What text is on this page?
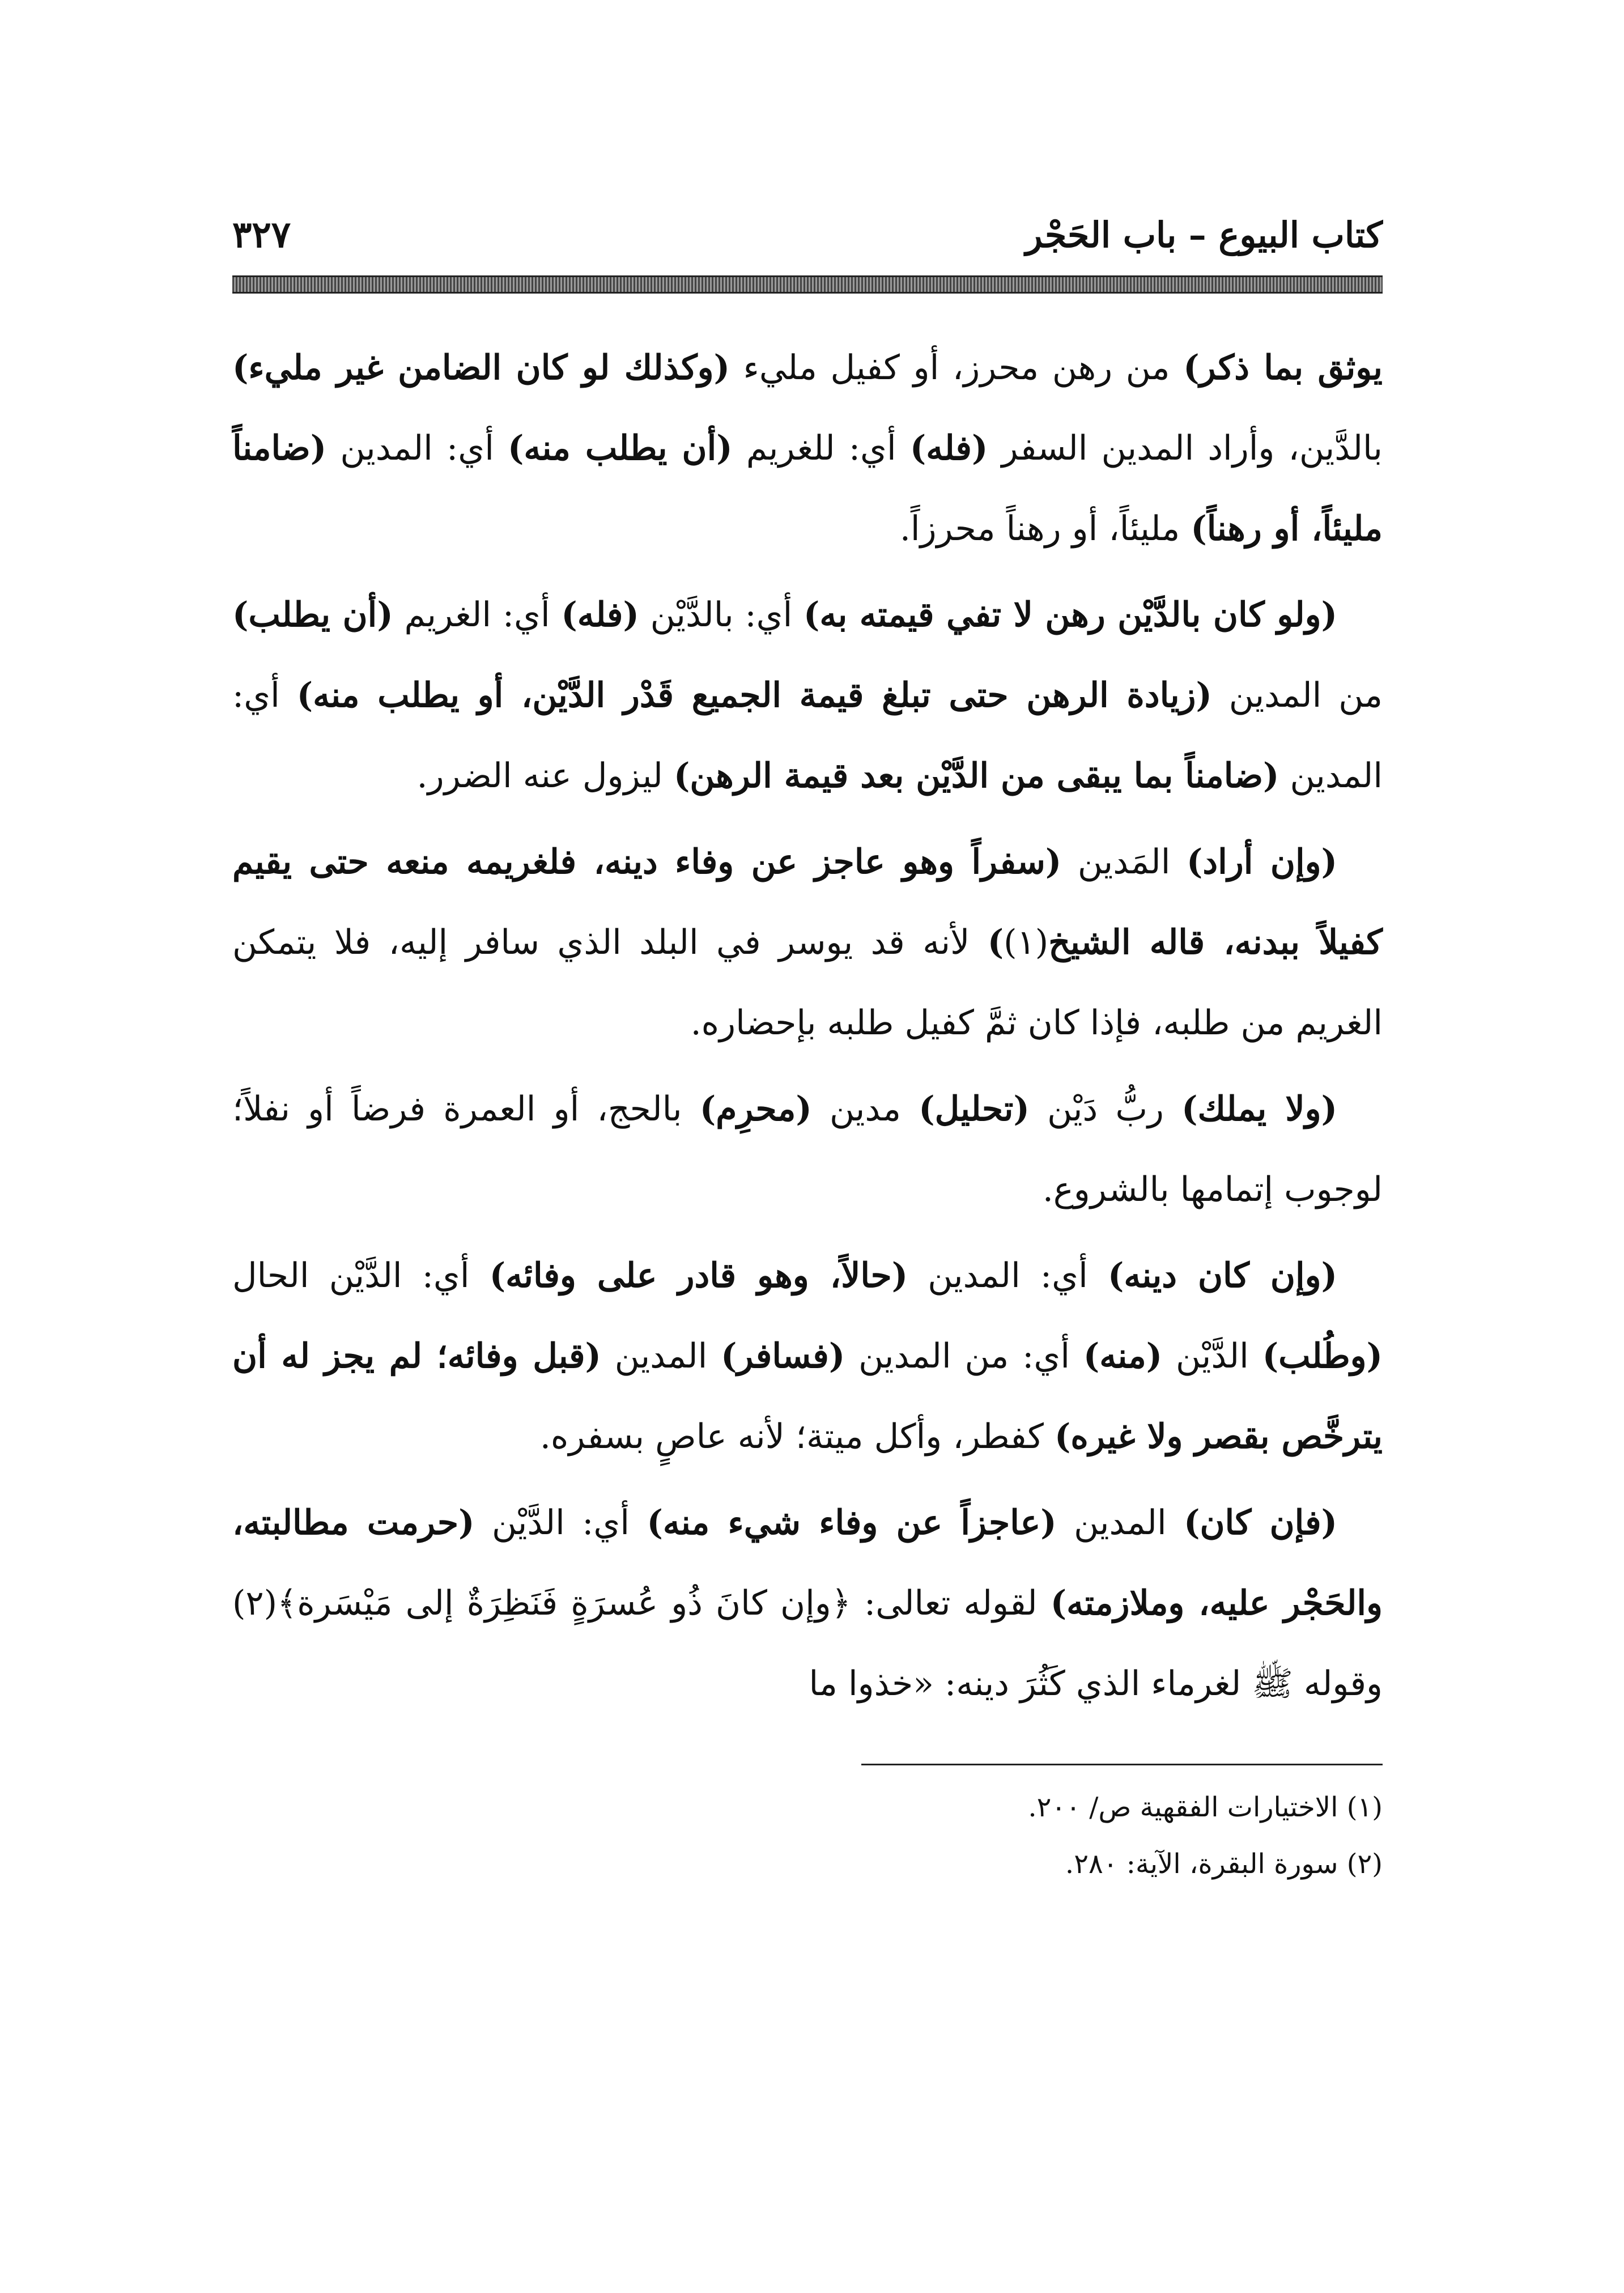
كتاب البيوع – باب الحَجْر
٣٢٧

يوثق بما ذكر) من رهن محرز، أو كفيل مليء (وكذلك لو كان الضامن غير مليء) بالدَّين، وأراد المدين السفر (فله) أي: للغريم (أن يطلب منه) أي: المدين (ضامناً مليئاً، أو رهناً) مليئاً، أو رهناً محرزاً.

(ولو كان بالدَّيْن رهن لا تفي قيمته به) أي: بالدَّيْن (فله) أي: الغريم (أن يطلب) من المدين (زيادة الرهن حتى تبلغ قيمة الجميع قَدْر الدَّيْن، أو يطلب منه) أي: المدين (ضامناً بما يبقى من الدَّيْن بعد قيمة الرهن) ليزول عنه الضرر.

(وإن أراد) المَدين (سفراً وهو عاجز عن وفاء دينه، فلغريمه منعه حتى يقيم كفيلاً ببدنه، قاله الشيخ(١)) لأنه قد يوسر في البلد الذي سافر إليه، فلا يتمكن الغريم من طلبه، فإذا كان ثمَّ كفيل طلبه بإحضاره.

(ولا يملك) ربُّ دَيْن (تحليل) مدين (محرِم) بالحج، أو العمرة فرضاً أو نفلاً؛ لوجوب إتمامها بالشروع.

(وإن كان دينه) أي: المدين (حالاً، وهو قادر على وفائه) أي: الدَّيْن الحال (وطُلب) الدَّيْن (منه) أي: من المدين (فسافر) المدين (قبل وفائه؛ لم يجز له أن يترخَّص بقصر ولا غيره) كفطر، وأكل ميتة؛ لأنه عاصٍ بسفره.

(فإن كان) المدين (عاجزاً عن وفاء شيء منه) أي: الدَّيْن (حرمت مطالبته، والحَجْر عليه، وملازمته) لقوله تعالى: ﴿وإن كانَ ذُو عُسرَةٍ فَنَظِرَةٌ إلى مَيْسَرة﴾(٢) وقوله ﷺ لغرماء الذي كَثُرَ دينه: «خذوا ما

(١) الاختيارات الفقهية ص/ ٢٠٠.
(٢) سورة البقرة، الآية: ٢٨٠.
